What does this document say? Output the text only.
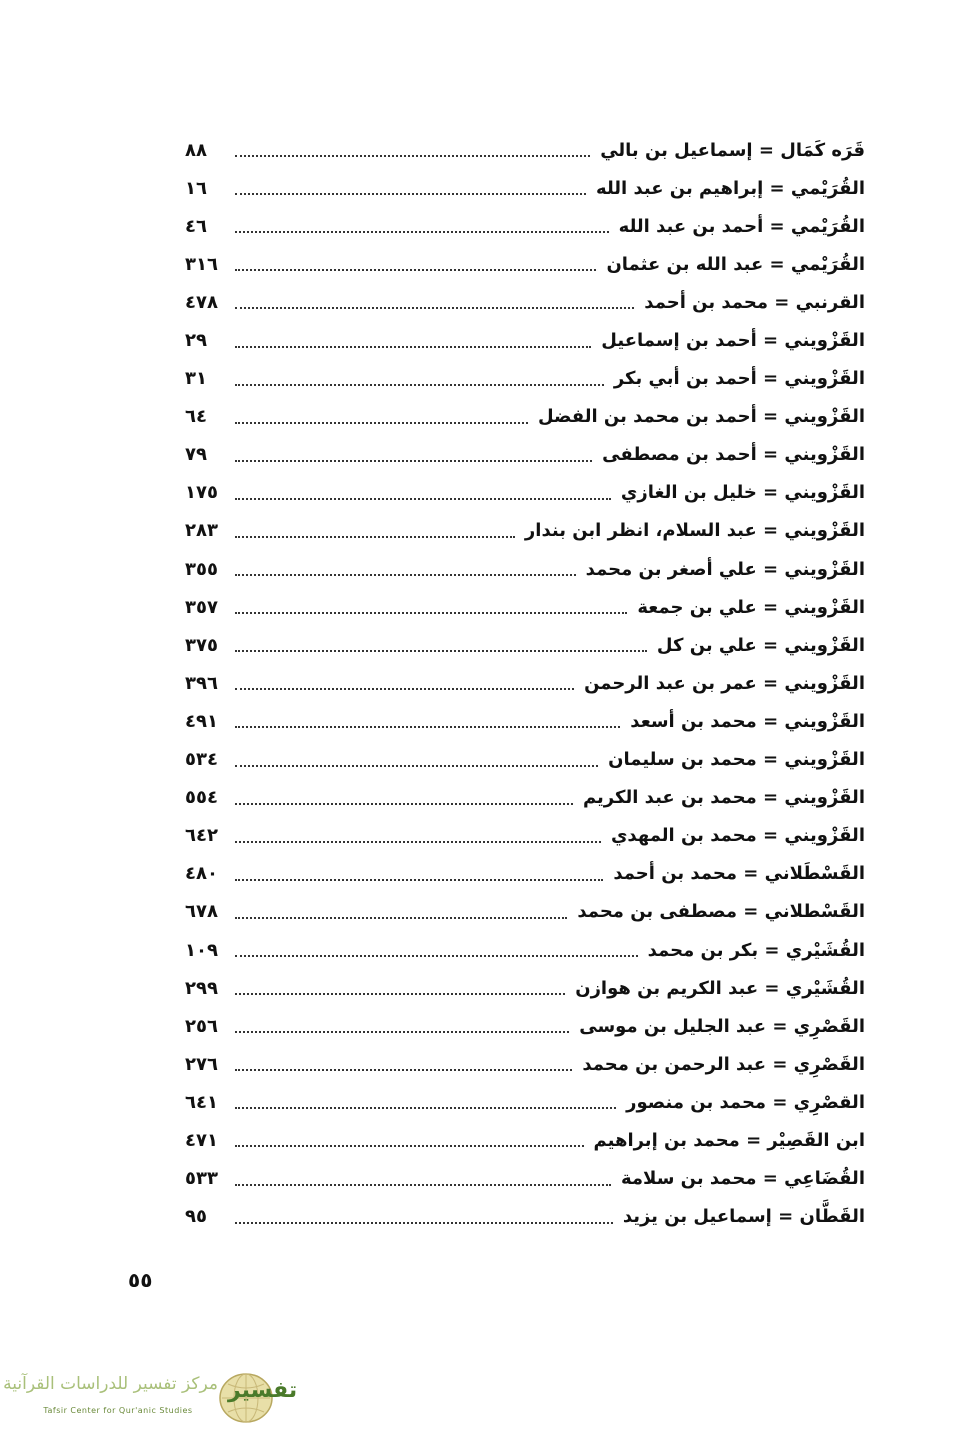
قَرَه كَمَال = إسماعيل بن بالي
٨٨
القُرَيْمي = إبراهيم بن عبد الله
١٦
القُرَيْمي = أحمد بن عبد الله
٤٦
القُرَيْمي = عبد الله بن عثمان
٣١٦
القرنبي = محمد بن أحمد
٤٧٨
القَزْويني = أحمد بن إسماعيل
٢٩
القَزْويني = أحمد بن أبي بكر
٣١
القَزْويني = أحمد بن محمد بن الفضل
٦٤
القَزْويني = أحمد بن مصطفى
٧٩
القَزْويني = خليل بن الغازي
١٧٥
القَزْويني = عبد السلام، انظر ابن بندار
٢٨٣
القَزْويني = علي أصغر بن محمد
٣٥٥
القَزْويني = علي بن جمعة
٣٥٧
القَزْويني = علي بن كل
٣٧٥
القَزْويني = عمر بن عبد الرحمن
٣٩٦
القَزْويني = محمد بن أسعد
٤٩١
القَزْويني = محمد بن سليمان
٥٣٤
القَزْويني = محمد بن عبد الكريم
٥٥٤
القَزْويني = محمد بن المهدي
٦٤٢
القَسْطَلاني = محمد بن أحمد
٤٨٠
القَسْطلاني = مصطفى بن محمد
٦٧٨
القُشَيْري = بكر بن محمد
١٠٩
القُشَيْري = عبد الكريم بن هوازن
٢٩٩
القَصْرِي = عبد الجليل بن موسى
٢٥٦
القَصْرِي = عبد الرحمن بن محمد
٢٧٦
القصْرِي = محمد بن منصور
٦٤١
ابن القَصِيْر = محمد بن إبراهيم
٤٧١
القُضَاعِي = محمد بن سلامة
٥٣٣
القَطَّان = إسماعيل بن يزيد
٩٥
٥٥
مركز تفسير للدراسات القرآنية
Tafsir Center for Qur'anic Studies
تفسير
